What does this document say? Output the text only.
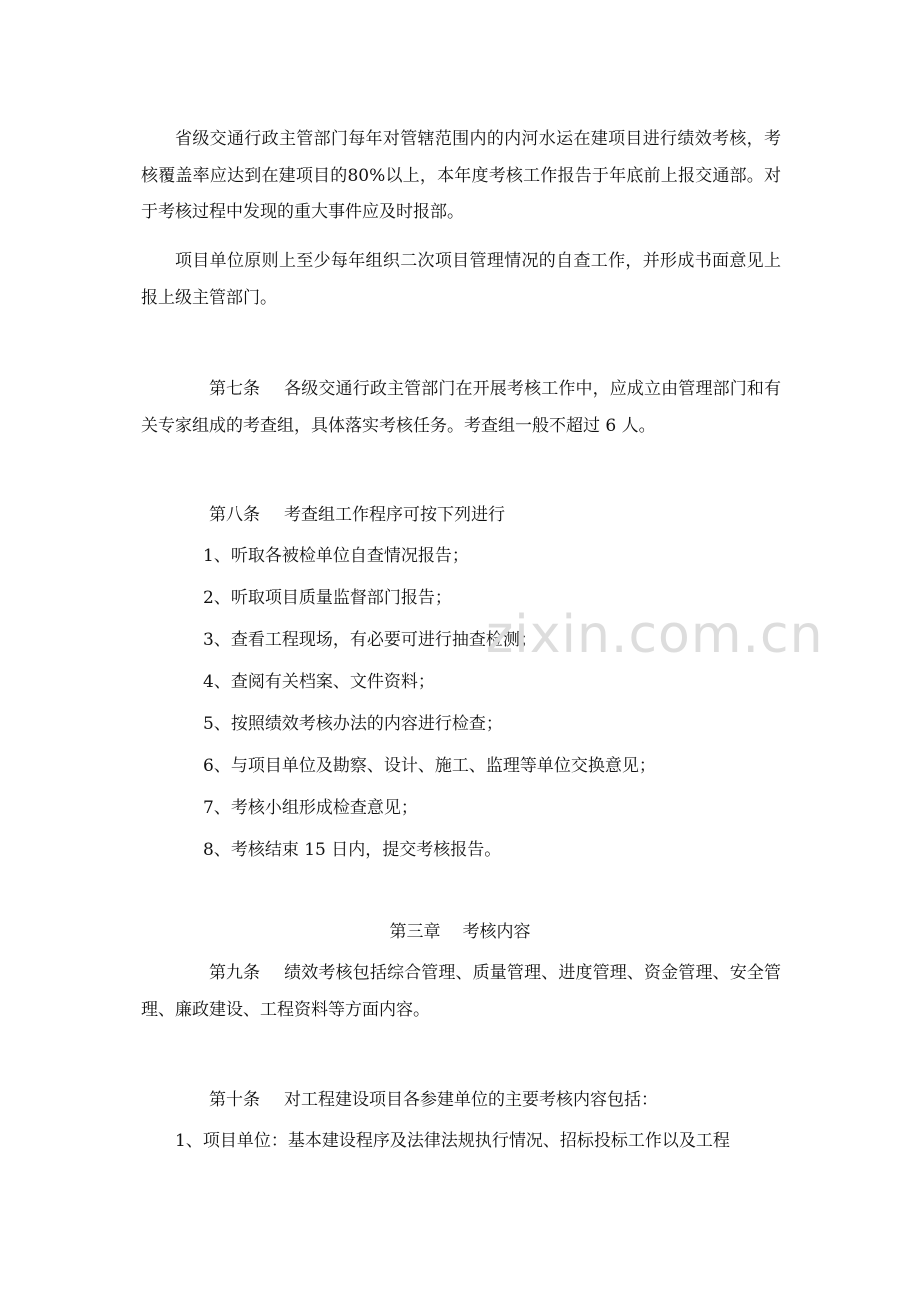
省级交通行政主管部门每年对管辖范围内的内河水运在建项目进行绩效考核，考核覆盖率应达到在建项目的80%以上，本年度考核工作报告于年底前上报交通部。对于考核过程中发现的重大事件应及时报部。

项目单位原则上至少每年组织二次项目管理情况的自查工作，并形成书面意见上报上级主管部门。

第七条 各级交通行政主管部门在开展考核工作中，应成立由管理部门和有关专家组成的考查组，具体落实考核任务。考查组一般不超过 6 人。

第八条 考查组工作程序可按下列进行

1、听取各被检单位自查情况报告；

2、听取项目质量监督部门报告；

3、查看工程现场，有必要可进行抽查检测；

4、查阅有关档案、文件资料；

5、按照绩效考核办法的内容进行检查；

6、与项目单位及勘察、设计、施工、监理等单位交换意见；

7、考核小组形成检查意见；

8、考核结束 15 日内，提交考核报告。

第三章 考核内容

第九条 绩效考核包括综合管理、质量管理、进度管理、资金管理、安全管理、廉政建设、工程资料等方面内容。

第十条 对工程建设项目各参建单位的主要考核内容包括：

1、项目单位：基本建设程序及法律法规执行情况、招标投标工作以及工程

zixin.com.cn
